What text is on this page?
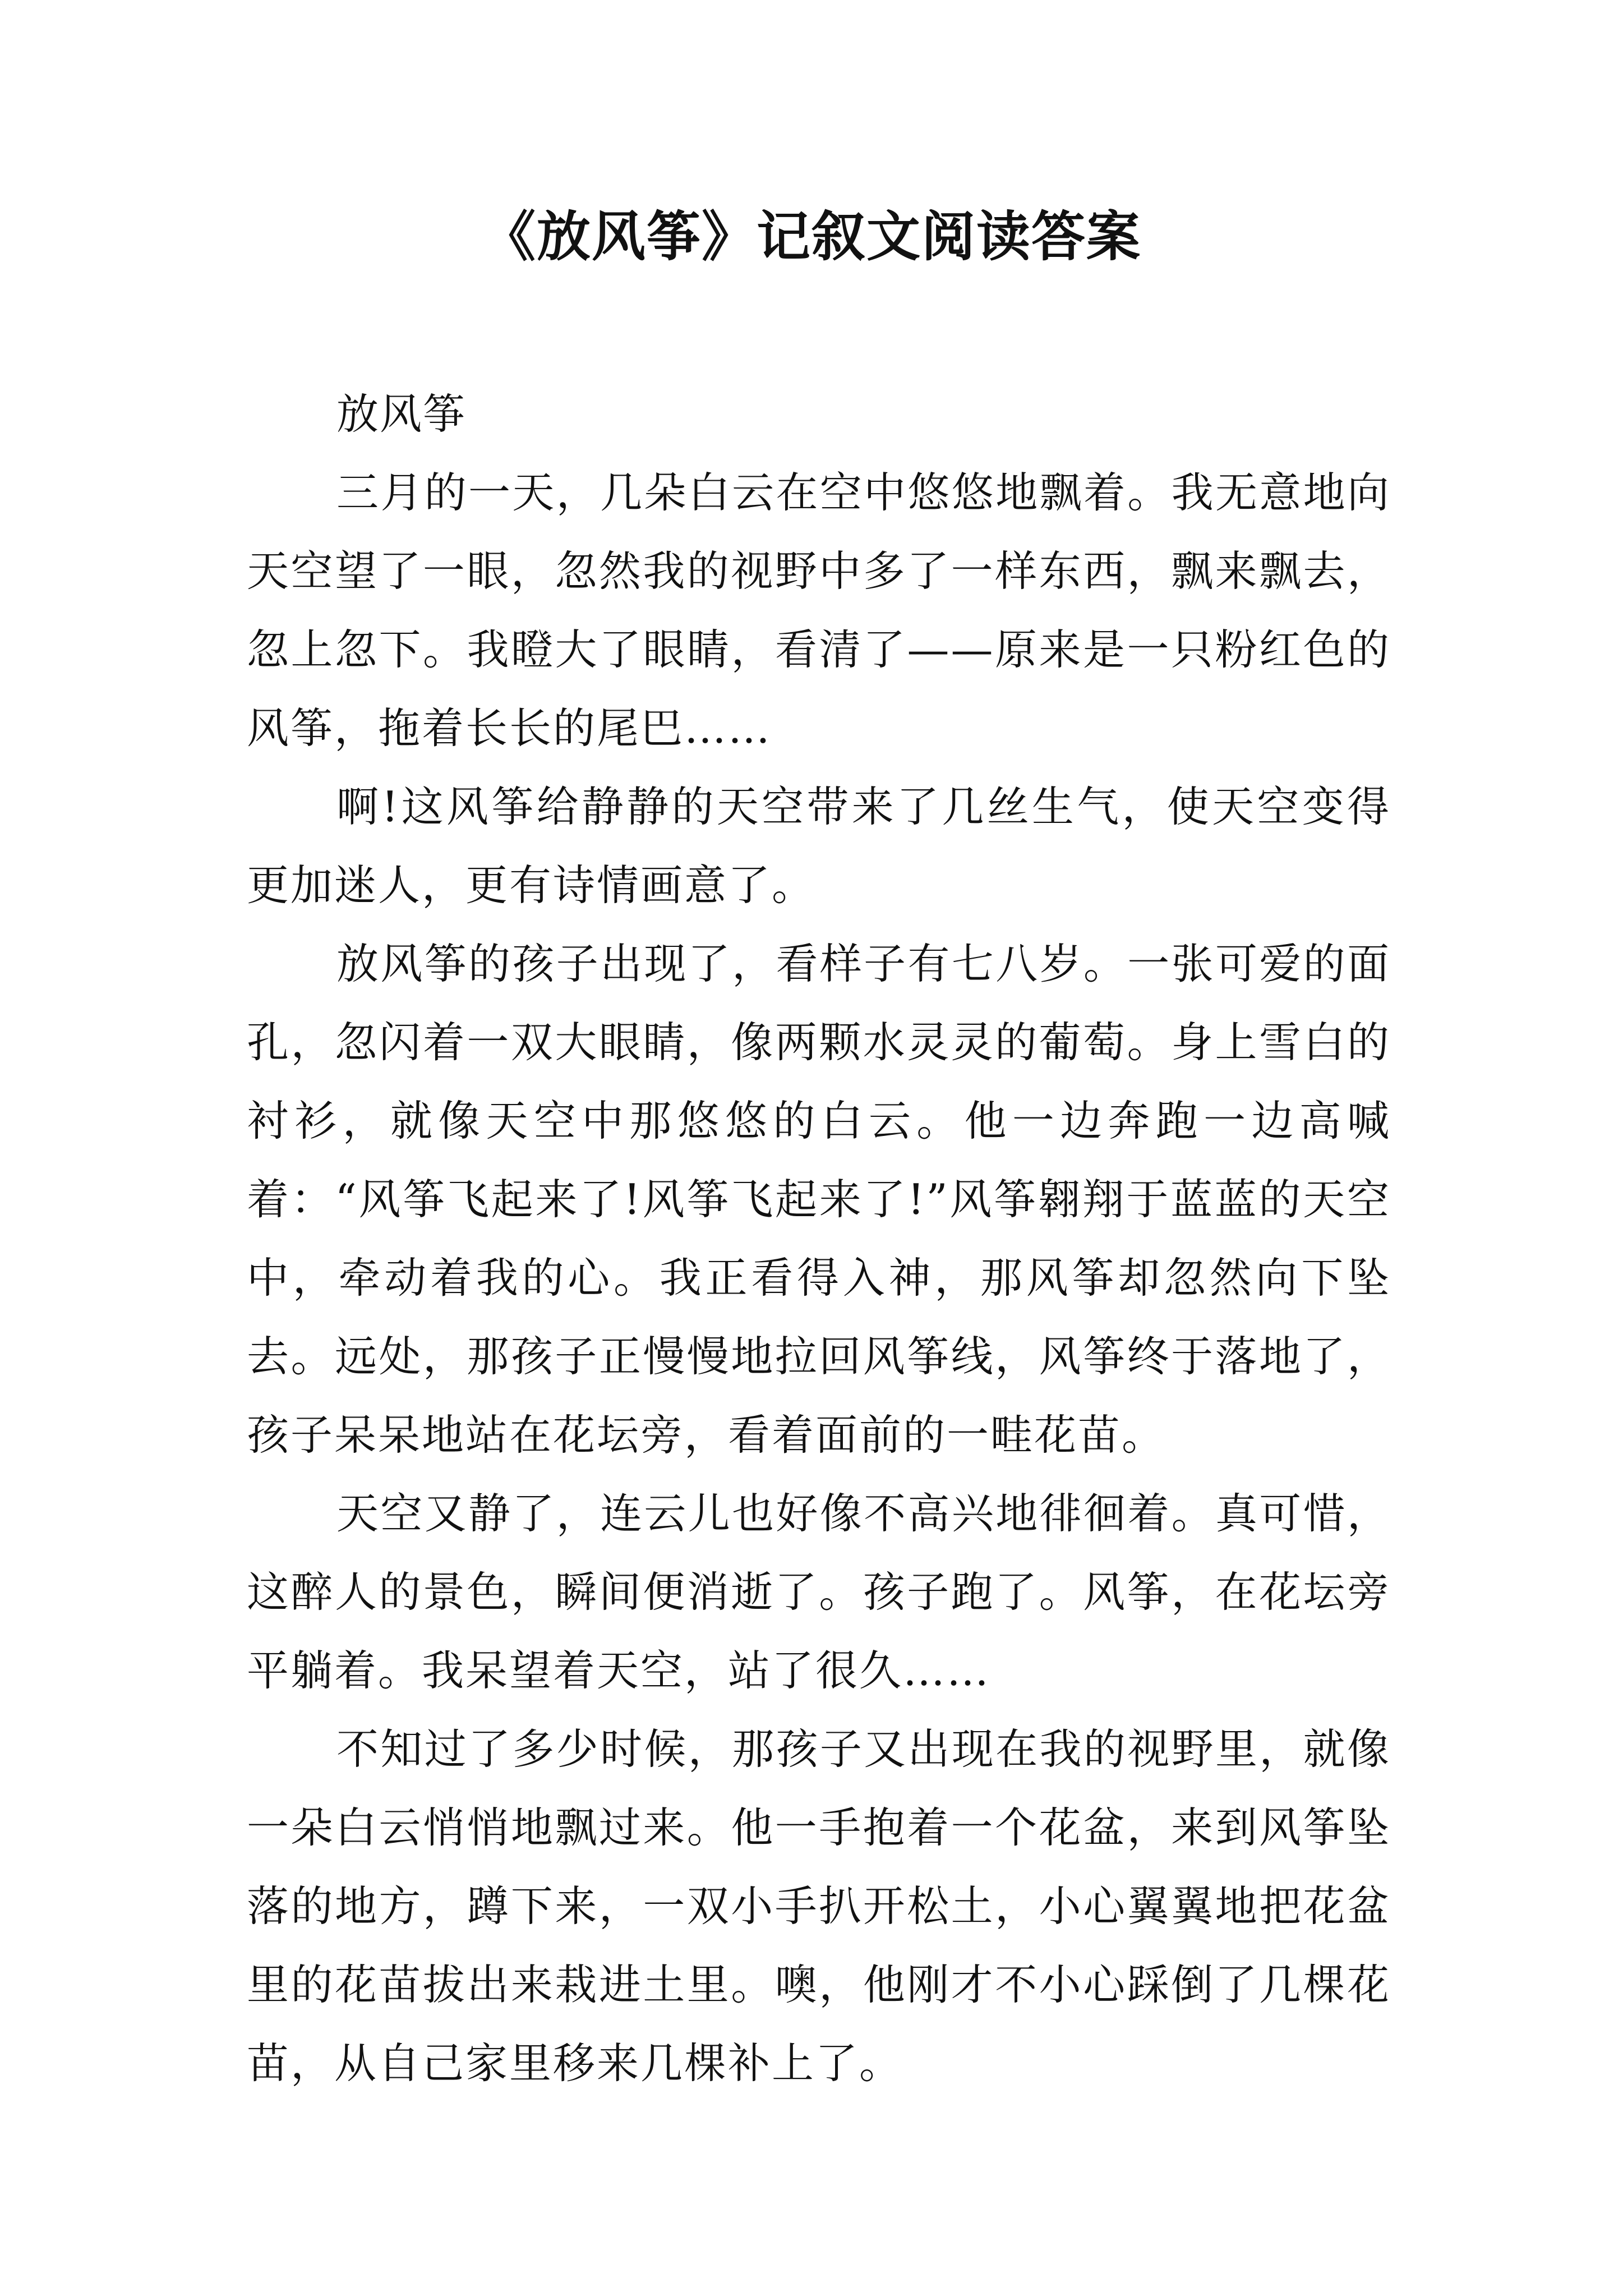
《放风筝》记叙文阅读答案

放风筝

三月的一天，几朵白云在空中悠悠地飘着。我无意地向天空望了一眼，忽然我的视野中多了一样东西，飘来飘去，忽上忽下。我瞪大了眼睛，看清了——原来是一只粉红色的风筝，拖着长长的尾巴……

啊!这风筝给静静的天空带来了几丝生气，使天空变得更加迷人，更有诗情画意了。

放风筝的孩子出现了，看样子有七八岁。一张可爱的面孔，忽闪着一双大眼睛，像两颗水灵灵的葡萄。身上雪白的衬衫，就像天空中那悠悠的白云。他一边奔跑一边高喊着：“风筝飞起来了!风筝飞起来了!”风筝翱翔于蓝蓝的天空中，牵动着我的心。我正看得入神，那风筝却忽然向下坠去。远处，那孩子正慢慢地拉回风筝线，风筝终于落地了，孩子呆呆地站在花坛旁，看着面前的一畦花苗。

天空又静了，连云儿也好像不高兴地徘徊着。真可惜，这醉人的景色，瞬间便消逝了。孩子跑了。风筝，在花坛旁平躺着。我呆望着天空，站了很久……

不知过了多少时候，那孩子又出现在我的视野里，就像一朵白云悄悄地飘过来。他一手抱着一个花盆，来到风筝坠落的地方，蹲下来，一双小手扒开松土，小心翼翼地把花盆里的花苗拔出来栽进土里。噢，他刚才不小心踩倒了几棵花苗，从自己家里移来几棵补上了。
